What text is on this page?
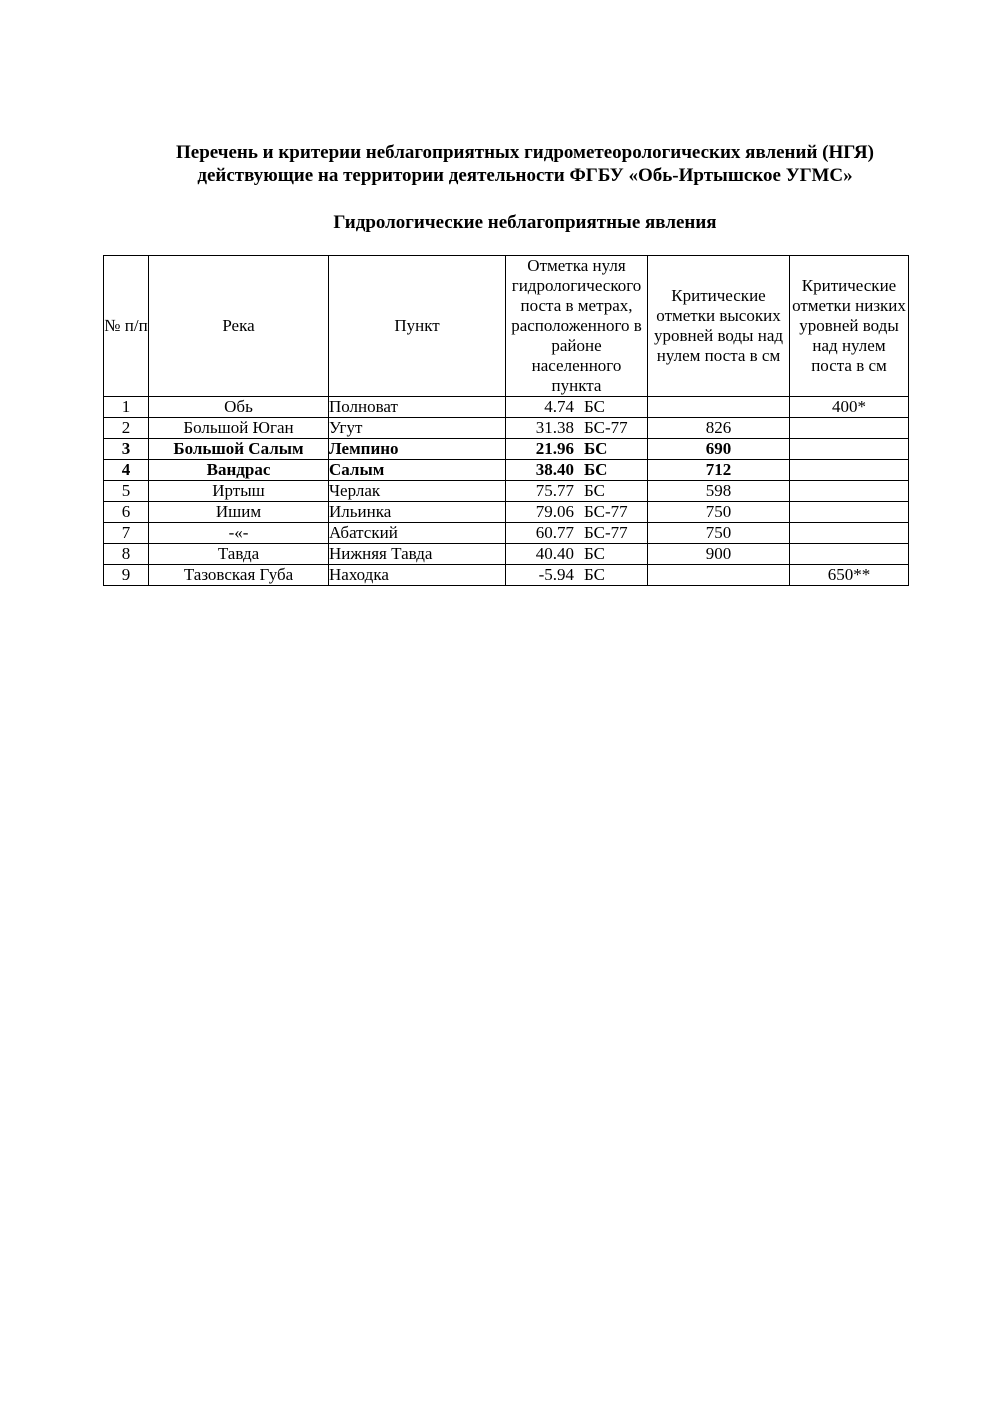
Перечень и критерии неблагоприятных гидрометеорологических явлений (НГЯ)
действующие на территории деятельности ФГБУ «Обь-Иртышское УГМС»
Гидрологические неблагоприятные явления
№ п/п	Река	Пункт	Отметка нуля гидрологического поста в метрах, расположенного в районе населенного пункта	Критические отметки высоких уровней воды над нулем поста в см	Критические отметки низких уровней воды над нулем поста в см
1	Обь	Полноват	4.74 БС		400*
2	Большой Юган	Угут	31.38 БС-77	826	
3	Большой Салым	Лемпино	21.96 БС	690	
4	Вандрас	Салым	38.40 БС	712	
5	Иртыш	Черлак	75.77 БС	598	
6	Ишим	Ильинка	79.06 БС-77	750	
7	-«-	Абатский	60.77 БС-77	750	
8	Тавда	Нижняя Тавда	40.40 БС	900	
9	Тазовская Губа	Находка	-5.94 БС		650**
